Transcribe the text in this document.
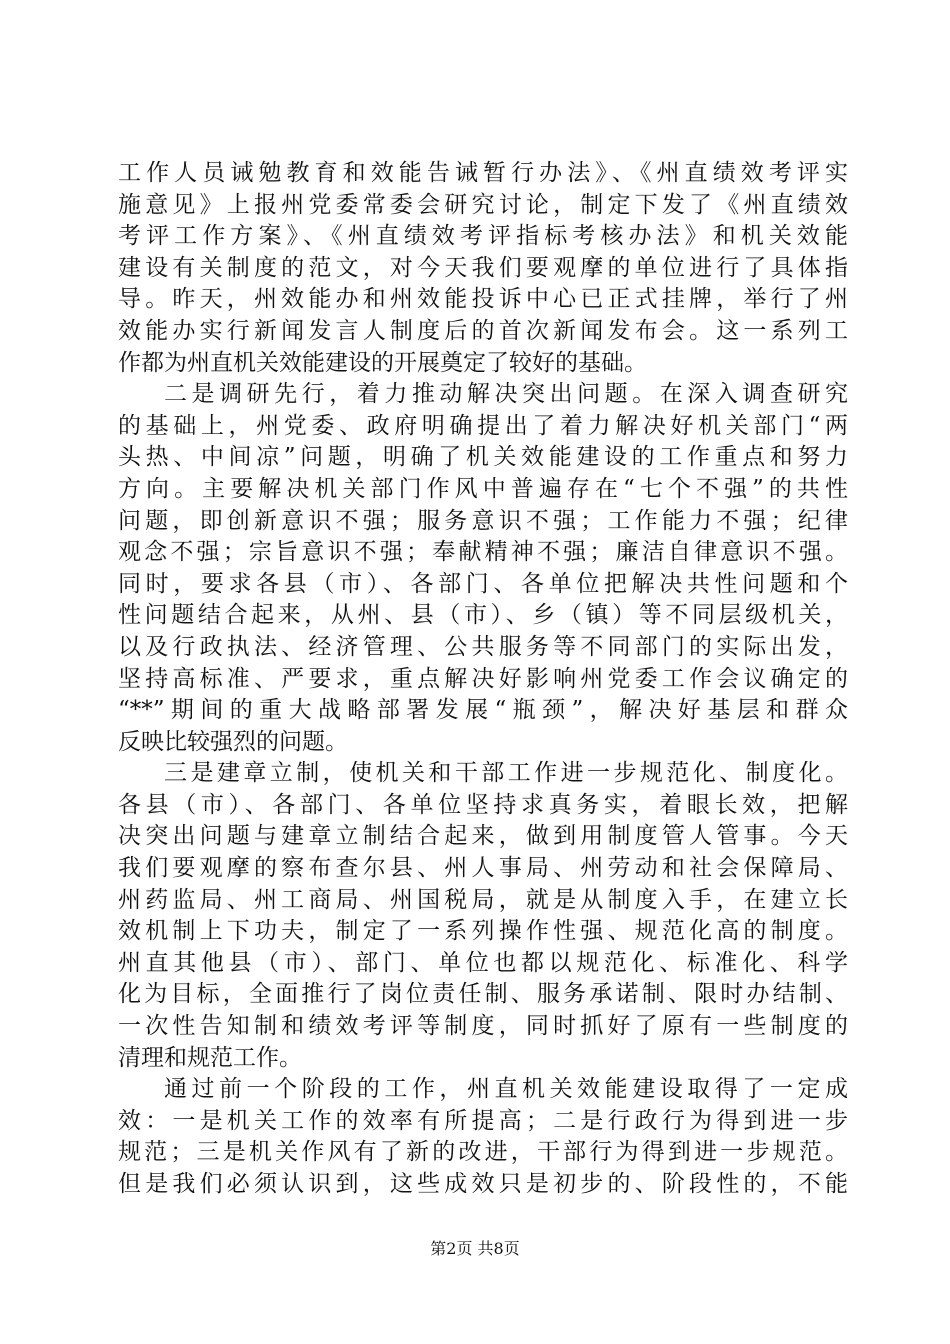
工作人员诫勉教育和效能告诫暂行办法》、《州直绩效考评实
施意见》上报州党委常委会研究讨论，制定下发了《州直绩效
考评工作方案》、《州直绩效考评指标考核办法》和机关效能
建设有关制度的范文，对今天我们要观摩的单位进行了具体指
导。昨天，州效能办和州效能投诉中心已正式挂牌，举行了州
效能办实行新闻发言人制度后的首次新闻发布会。这一系列工
作都为州直机关效能建设的开展奠定了较好的基础。
二是调研先行，着力推动解决突出问题。在深入调查研究
的基础上，州党委、政府明确提出了着力解决好机关部门“两
头热、中间凉”问题，明确了机关效能建设的工作重点和努力
方向。主要解决机关部门作风中普遍存在“七个不强”的共性
问题，即创新意识不强；服务意识不强；工作能力不强；纪律
观念不强；宗旨意识不强；奉献精神不强；廉洁自律意识不强。
同时，要求各县（市）、各部门、各单位把解决共性问题和个
性问题结合起来，从州、县（市）、乡（镇）等不同层级机关，
以及行政执法、经济管理、公共服务等不同部门的实际出发，
坚持高标准、严要求，重点解决好影响州党委工作会议确定的
“**”期间的重大战略部署发展“瓶颈”，解决好基层和群众
反映比较强烈的问题。
三是建章立制，使机关和干部工作进一步规范化、制度化。
各县（市）、各部门、各单位坚持求真务实，着眼长效，把解
决突出问题与建章立制结合起来，做到用制度管人管事。今天
我们要观摩的察布查尔县、州人事局、州劳动和社会保障局、
州药监局、州工商局、州国税局，就是从制度入手，在建立长
效机制上下功夫，制定了一系列操作性强、规范化高的制度。
州直其他县（市）、部门、单位也都以规范化、标准化、科学
化为目标，全面推行了岗位责任制、服务承诺制、限时办结制、
一次性告知制和绩效考评等制度，同时抓好了原有一些制度的
清理和规范工作。
通过前一个阶段的工作，州直机关效能建设取得了一定成
效：一是机关工作的效率有所提高；二是行政行为得到进一步
规范；三是机关作风有了新的改进，干部行为得到进一步规范。
但是我们必须认识到，这些成效只是初步的、阶段性的，不能
第2页 共8页
